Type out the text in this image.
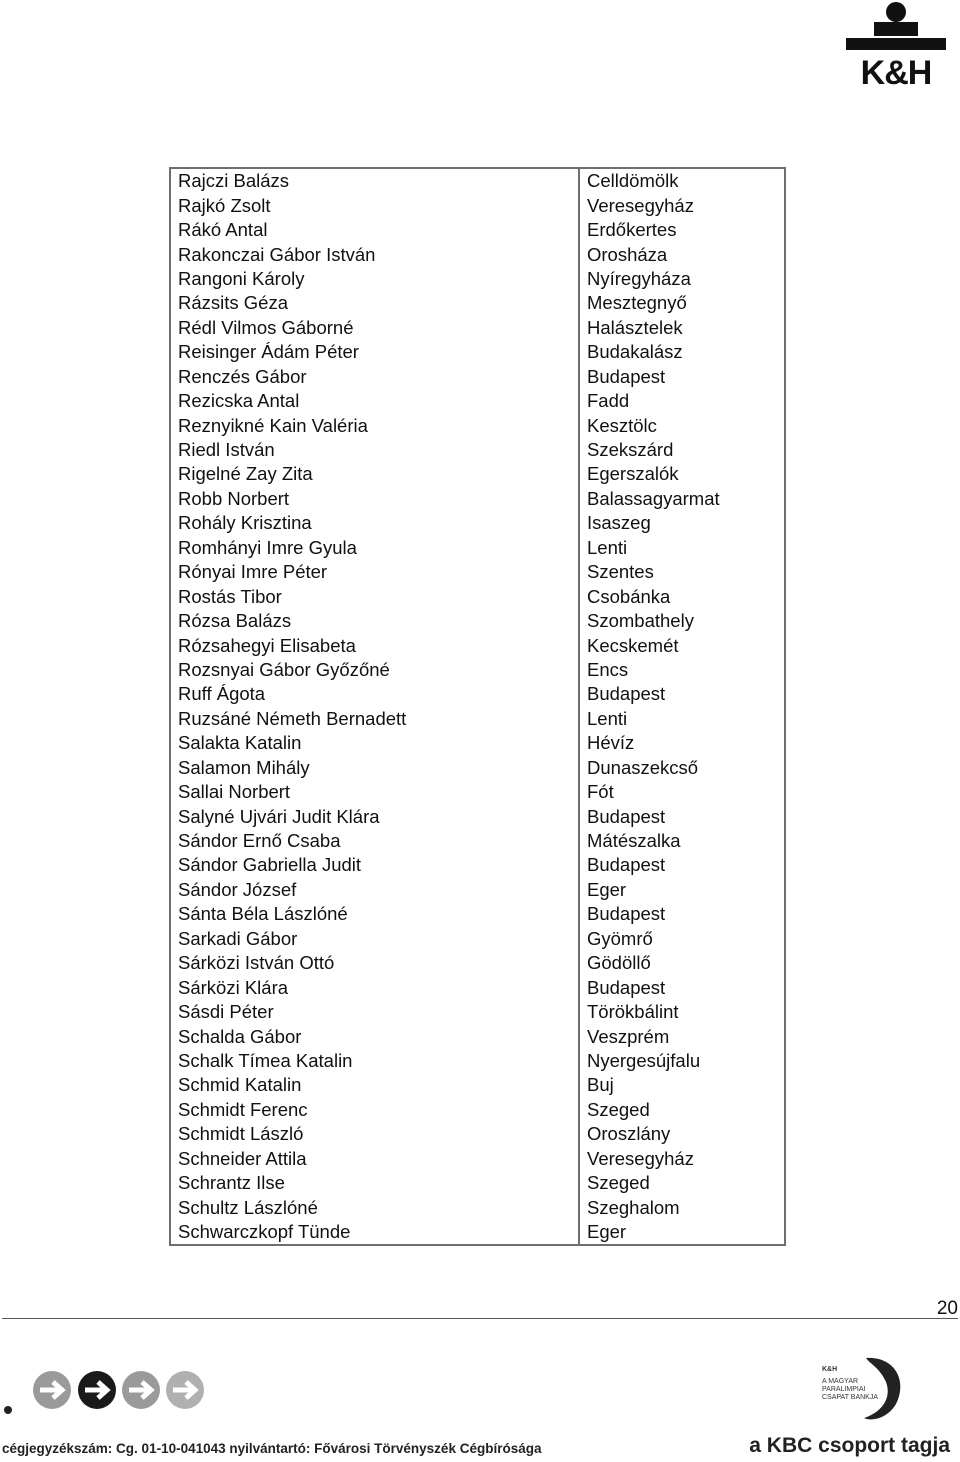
K&H
Rajczi Balázs	Celldömölk
Rajkó Zsolt	Veresegyház
Rákó Antal	Erdőkertes
Rakonczai Gábor István	Orosháza
Rangoni Károly	Nyíregyháza
Rázsits Géza	Mesztegnyő
Rédl Vilmos Gáborné	Halásztelek
Reisinger Ádám Péter	Budakalász
Renczés Gábor	Budapest
Rezicska Antal	Fadd
Reznyikné Kain Valéria	Kesztölc
Riedl István	Szekszárd
Rigelné Zay Zita	Egerszalók
Robb Norbert	Balassagyarmat
Rohály Krisztina	Isaszeg
Romhányi Imre Gyula	Lenti
Rónyai Imre Péter	Szentes
Rostás Tibor	Csobánka
Rózsa Balázs	Szombathely
Rózsahegyi Elisabeta	Kecskemét
Rozsnyai Gábor Győzőné	Encs
Ruff Ágota	Budapest
Ruzsáné Németh Bernadett	Lenti
Salakta Katalin	Hévíz
Salamon Mihály	Dunaszekcső
Sallai Norbert	Fót
Salyné Ujvári Judit Klára	Budapest
Sándor Ernő Csaba	Mátészalka
Sándor Gabriella Judit	Budapest
Sándor József	Eger
Sánta Béla Lászlóné	Budapest
Sarkadi Gábor	Gyömrő
Sárközi István Ottó	Gödöllő
Sárközi Klára	Budapest
Sásdi Péter	Törökbálint
Schalda Gábor	Veszprém
Schalk Tímea Katalin	Nyergesújfalu
Schmid Katalin	Buj
Schmidt Ferenc	Szeged
Schmidt László	Oroszlány
Schneider Attila	Veresegyház
Schrantz Ilse	Szeged
Schultz Lászlóné	Szeghalom
Schwarczkopf Tünde	Eger
20
K&H
A MAGYAR
PARALIMPIAI
CSAPAT BANKJA
cégjegyzékszám: Cg. 01-10-041043 nyilvántartó: Fővárosi Törvényszék Cégbírósága	a KBC csoport tagja
